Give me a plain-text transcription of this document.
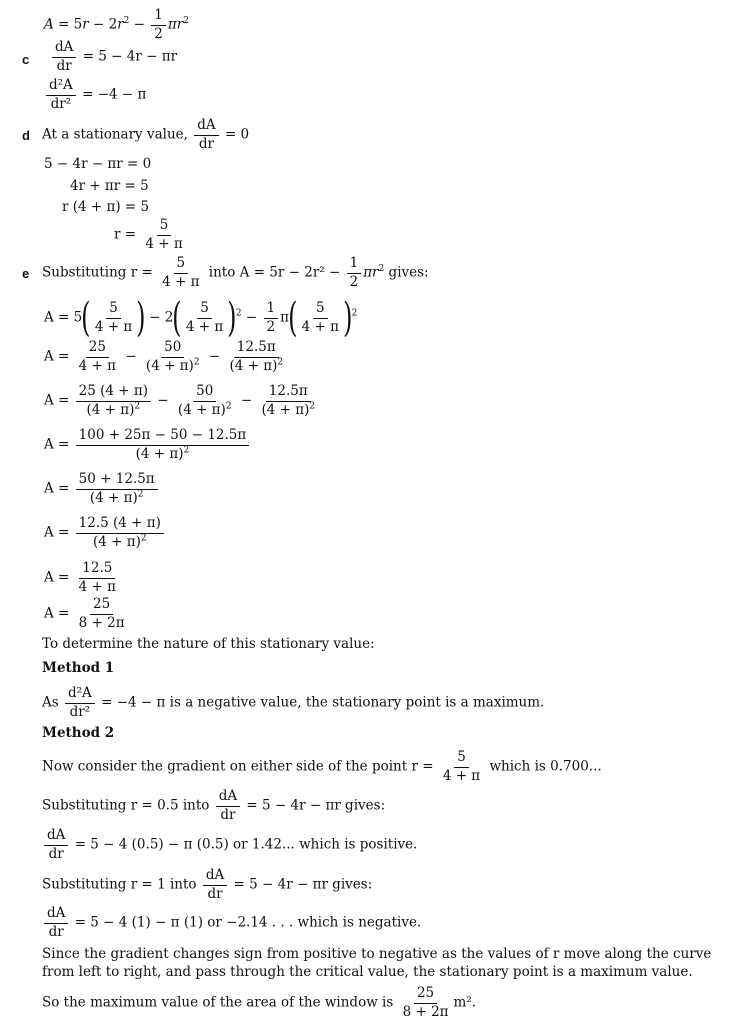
$A = 5r - 2r^2 - \frac{1}{2} \pi r^2$
c $\frac{dA}{dr} = 5 - 4r - \pi r$
$\frac{\text{d²A}}{\text{dr²}} = -4 - \pi$
d At a stationary value, $\frac{dA}{dr} = 0$
5 − 4r − πr = 0
4r + πr = 5
r (4 + π) = 5
$r = \frac{5}{4 + \pi}$
e Substituting $r = \frac{5}{4 + \pi}$ into $A = 5r - 2r^2 - \frac{1}{2} \pi r^2$ gives:
$A = 5( \frac{5}{4 + \pi}$ ) − $2( \frac{5}{4 + \pi} )^2 - \frac{1}{2} \pi( \frac{5}{4 + \pi} )^2$
$A = \frac{25}{4 + \pi} - \frac{50}{(4 + \pi)^2} - \frac{12.5\pi}{(4 + \pi)^2}$
$A = \frac{25 (4 + \pi)}{(4 + \pi)^2} - \frac{50}{(4 + \pi)^2} - \frac{12.5\pi}{(4 + \pi)^2}$
$A = \frac{100 + 25\pi - 50 - 12.5\pi}{(4 + \pi)^2}$
$A = \frac{50 + 12.5\pi}{(4 + \pi)^2}$
$A = \frac{12.5 (4 + \pi)}{(4 + \pi)^2}$
$A = \frac{12.5}{4 + \pi}$
$A = \frac{25}{8 + 2\pi}$
To determine the nature of this stationary value:
Method 1
As $\frac{\text{d²A}}{\text{dr²}} = -4 - \pi$ is a negative value, the stationary point is a maximum.
Method 2
Now consider the gradient on either side of the point $r = \frac{5}{4 + \pi}$ which is 0.700...
Substituting r = 0.5 into $\frac{dA}{dr} = 5 - 4r - \pi r$ gives:
$\frac{dA}{dr} = 5 - 4$ (0.5) − π (0.5) or 1.42... which is positive.
Substituting r = 1 into $\frac{dA}{dr} = 5 - 4r - \pi r$ gives:
$\frac{dA}{dr} = 5 - 4$ (1) − π (1) or −2.14 . . . which is negative.
Since the gradient changes sign from positive to negative as the values of r move along the curve from left to right, and pass through the critical value, the stationary point is a maximum value.
So the maximum value of the area of the window is $\frac{25}{8 + 2\pi} m^2$.
